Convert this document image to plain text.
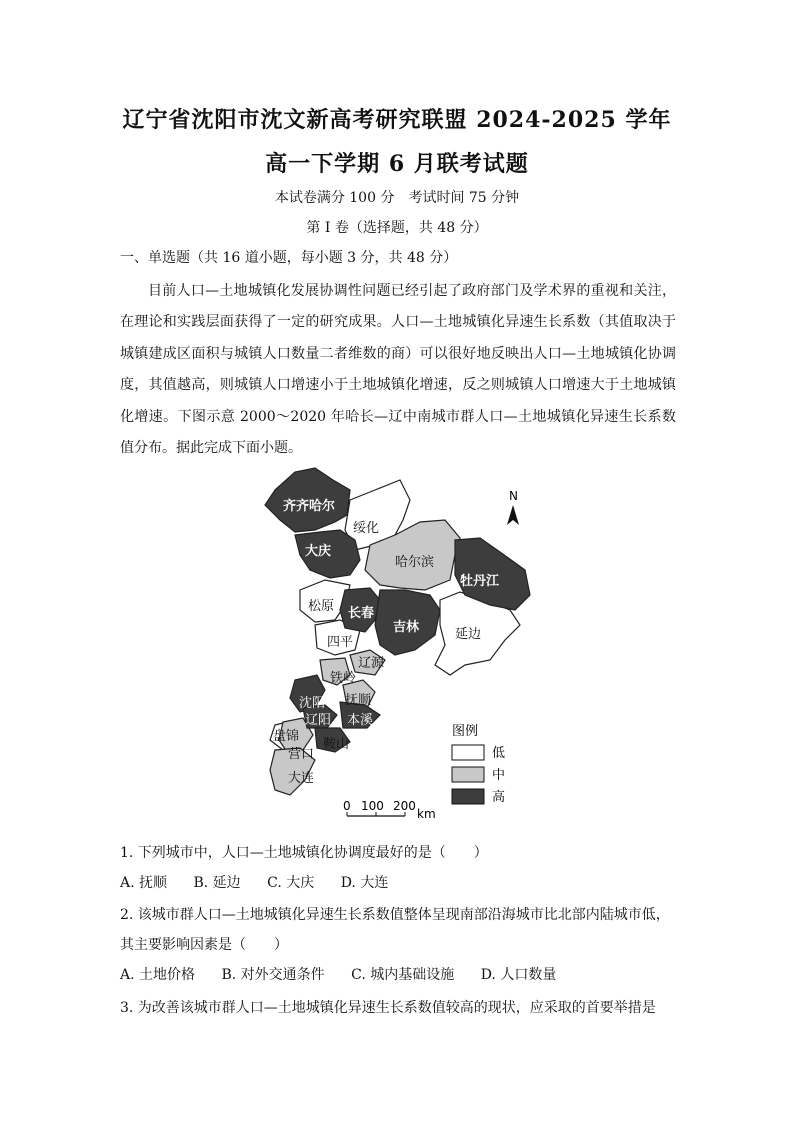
辽宁省沈阳市沈文新高考研究联盟 2024-2025 学年
高一下学期 6 月联考试题
本试卷满分 100 分　考试时间 75 分钟
第 I 卷（选择题，共 48 分）
一、单选题（共 16 道小题，每小题 3 分，共 48 分）

目前人口—土地城镇化发展协调性问题已经引起了政府部门及学术界的重视和关注，在理论和实践层面获得了一定的研究成果。人口—土地城镇化异速生长系数（其值取决于城镇建成区面积与城镇人口数量二者维数的商）可以很好地反映出人口—土地城镇化协调度，其值越高，则城镇人口增速小于土地城镇化增速，反之则城镇人口增速大于土地城镇化增速。下图示意 2000～2020 年哈长—辽中南城市群人口—土地城镇化异速生长系数值分布。据此完成下面小题。

N
齐齐哈尔
绥化
大庆
哈尔滨
牡丹江
松原 长春
吉林	延边
四平
辽源
铁岭
抚顺
沈阳
辽阳 本溪
盘锦
鞍山
营口
大连
图例
低
中
高
0 100 200
km
1. 下列城市中，人口—土地城镇化协调度最好的是（　　）
A. 抚顺 B. 延边 C. 大庆 D. 大连
2. 该城市群人口—土地城镇化异速生长系数值整体呈现南部沿海城市比北部内陆城市低，其主要影响因素是（　　）
A. 土地价格 B. 对外交通条件 C. 城内基础设施 D. 人口数量
3. 为改善该城市群人口—土地城镇化异速生长系数值较高的现状，应采取的首要举措是
